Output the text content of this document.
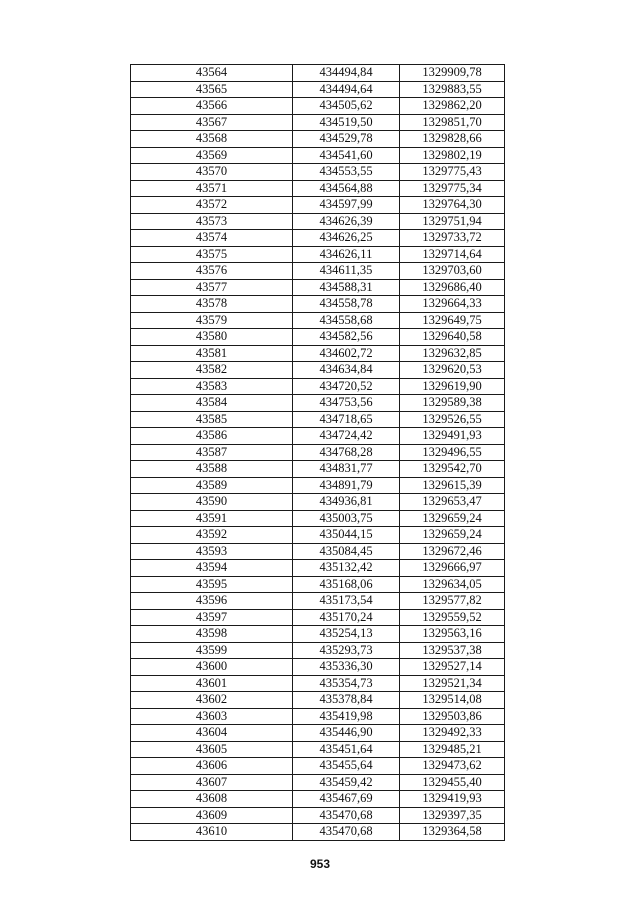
43564	434494,84	1329909,78
43565	434494,64	1329883,55
43566	434505,62	1329862,20
43567	434519,50	1329851,70
43568	434529,78	1329828,66
43569	434541,60	1329802,19
43570	434553,55	1329775,43
43571	434564,88	1329775,34
43572	434597,99	1329764,30
43573	434626,39	1329751,94
43574	434626,25	1329733,72
43575	434626,11	1329714,64
43576	434611,35	1329703,60
43577	434588,31	1329686,40
43578	434558,78	1329664,33
43579	434558,68	1329649,75
43580	434582,56	1329640,58
43581	434602,72	1329632,85
43582	434634,84	1329620,53
43583	434720,52	1329619,90
43584	434753,56	1329589,38
43585	434718,65	1329526,55
43586	434724,42	1329491,93
43587	434768,28	1329496,55
43588	434831,77	1329542,70
43589	434891,79	1329615,39
43590	434936,81	1329653,47
43591	435003,75	1329659,24
43592	435044,15	1329659,24
43593	435084,45	1329672,46
43594	435132,42	1329666,97
43595	435168,06	1329634,05
43596	435173,54	1329577,82
43597	435170,24	1329559,52
43598	435254,13	1329563,16
43599	435293,73	1329537,38
43600	435336,30	1329527,14
43601	435354,73	1329521,34
43602	435378,84	1329514,08
43603	435419,98	1329503,86
43604	435446,90	1329492,33
43605	435451,64	1329485,21
43606	435455,64	1329473,62
43607	435459,42	1329455,40
43608	435467,69	1329419,93
43609	435470,68	1329397,35
43610	435470,68	1329364,58
953
